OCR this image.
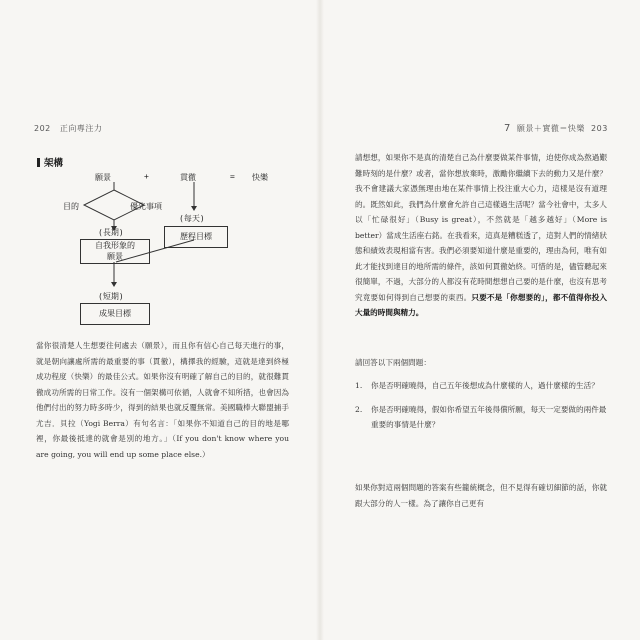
202 正向專注力	7 願景＋實徹＝快樂 203
架構
願景	+	貫徹	= 快樂
目的	優先事項
(長期)
自我形象的
願景
(每天)
歷程目標
(短期)
成果目標

當你很清楚人生想要往何處去（願景），而且你有信心自己每天進行的事，就是朝向讓處所需的最重要的事（貫徹），構擇我的經驗，這就是達到終極成功程度（快樂）的最佳公式。如果你沒有明確了解自己的目的，就很難貫徹成功所需的日常工作。沒有一個架構可依循，人就會不知所措，也會因為他們付出的努力時多時少，得到的結果也就反覆無常。美國職棒大聯盟捕手尤吉．貝拉（Yogi Berra）有句名言：「如果你不知道自己的目的地是哪裡，你最後抵達的就會是別的地方。」（If you don't know where you are going, you will end up some place else.）

請想想，如果你不是真的清楚自己為什麼要做某件事情，迫使你成為熬過艱難時刻的是什麼？或者，當你想放棄時，激勵你繼續下去的動力又是什麼？我不會建議大家憑無理由地在某件事情上投注重大心力，這樣是沒有道理的。既然如此，我們為什麼會允許自己這樣過生活呢？當今社會中，太多人以「忙碌很好」（Busy is great），不然就是「越多越好」（More is better）當成生活座右銘。在我看來，這真是糟糕透了，這對人們的情緒狀態和績效表現相當有害。我們必須要知道什麼是重要的，理由為何，唯有如此才能找到達目的地所需的條件，該如何貫徹始終。可惜的是，儘管聽起來很簡單，不過，大部分的人都沒有花時間想想自己要的是什麼，也沒有思考究竟要如何得到自己想要的東西。只要不是「你想要的」，都不值得你投入大量的時間與精力。

請回答以下兩個問題：

1. 你是否明確曉得，自己五年後想成為什麼樣的人，過什麼樣的生活？
2. 你是否明確曉得，假如你希望五年後得償所願，每天一定要做的兩件最重要的事情是什麼？

如果你對這兩個問題的答案有些籠統概念，但不見得有確切細節的話，你就跟大部分的人一樣。為了讓你自己更有
